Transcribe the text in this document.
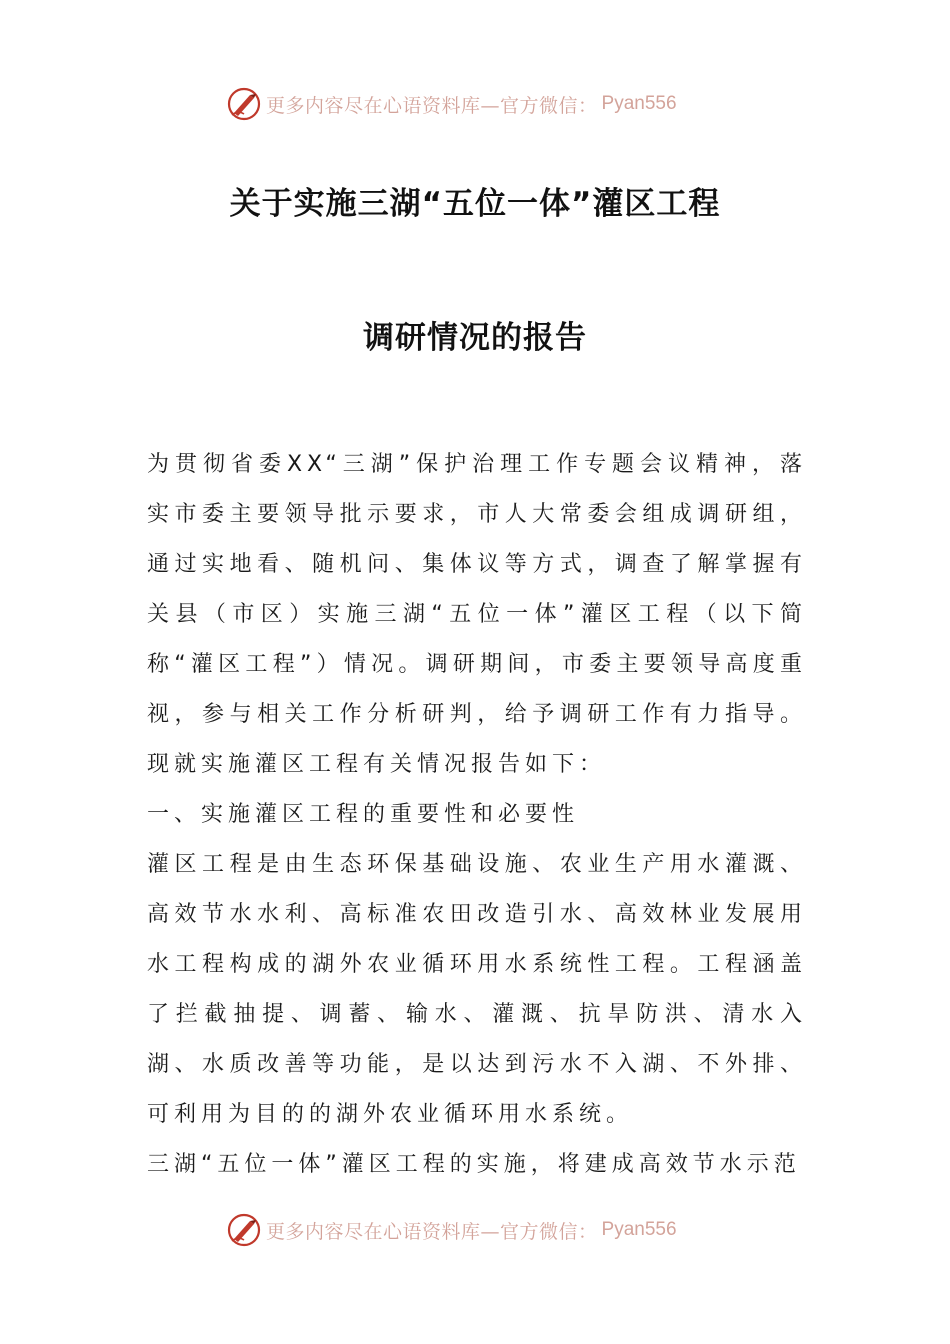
更多内容尽在心语资料库—官方微信： Pyan556
关于实施三湖“五位一体”灌区工程
调研情况的报告

为贯彻省委XX“三湖”保护治理工作专题会议精神，落实市委主要领导批示要求，市人大常委会组成调研组，通过实地看、随机问、集体议等方式，调查了解掌握有关县（市区）实施三湖“五位一体”灌区工程（以下简称“灌区工程”）情况。调研期间，市委主要领导高度重视，参与相关工作分析研判，给予调研工作有力指导。现就实施灌区工程有关情况报告如下：

一、实施灌区工程的重要性和必要性

灌区工程是由生态环保基础设施、农业生产用水灌溉、高效节水水利、高标准农田改造引水、高效林业发展用水工程构成的湖外农业循环用水系统性工程。工程涵盖了拦截抽提、调蓄、输水、灌溉、抗旱防洪、清水入湖、水质改善等功能，是以达到污水不入湖、不外排、可利用为目的的湖外农业循环用水系统。

三湖“五位一体”灌区工程的实施，将建成高效节水示范

更多内容尽在心语资料库—官方微信： Pyan556
